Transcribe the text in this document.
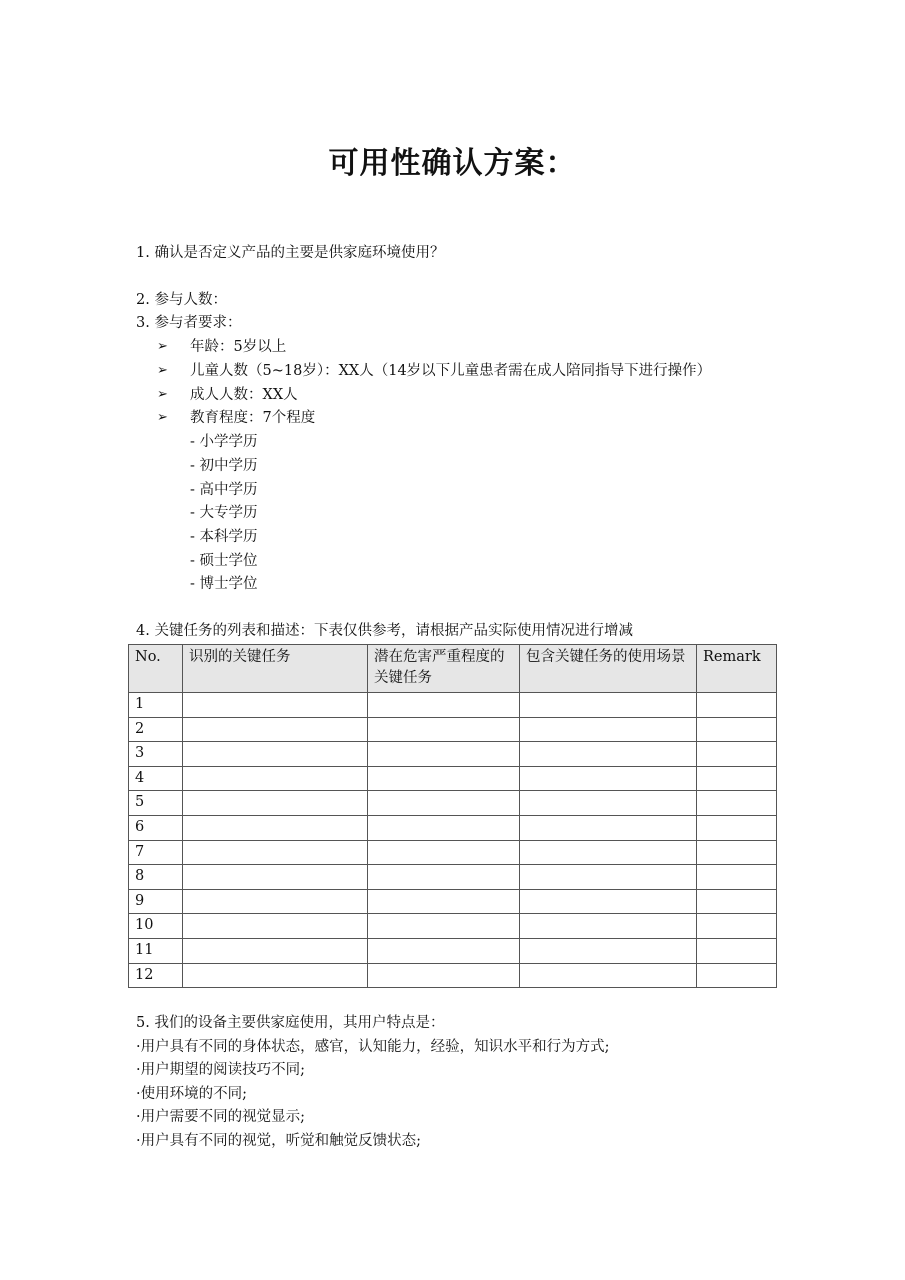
可用性确认方案：
1. 确认是否定义产品的主要是供家庭环境使用？
2. 参与人数：
3. 参与者要求：
➢ 年龄：5岁以上
➢ 儿童人数（5~18岁）：XX人（14岁以下儿童患者需在成人陪同指导下进行操作）
➢ 成人人数：XX人
➢ 教育程度：7个程度
- 小学学历
- 初中学历
- 高中学历
- 大专学历
- 本科学历
- 硕士学位
- 博士学位
4. 关键任务的列表和描述：下表仅供参考，请根据产品实际使用情况进行增减
No.	识别的关键任务	潜在危害严重程度的关键任务	包含关键任务的使用场景	Remark
1				
2				
3				
4				
5				
6				
7				
8				
9				
10				
11				
12				
5. 我们的设备主要供家庭使用，其用户特点是：
·用户具有不同的身体状态，感官，认知能力，经验，知识水平和行为方式;
·用户期望的阅读技巧不同;
·使用环境的不同;
·用户需要不同的视觉显示;
·用户具有不同的视觉，听觉和触觉反馈状态;
